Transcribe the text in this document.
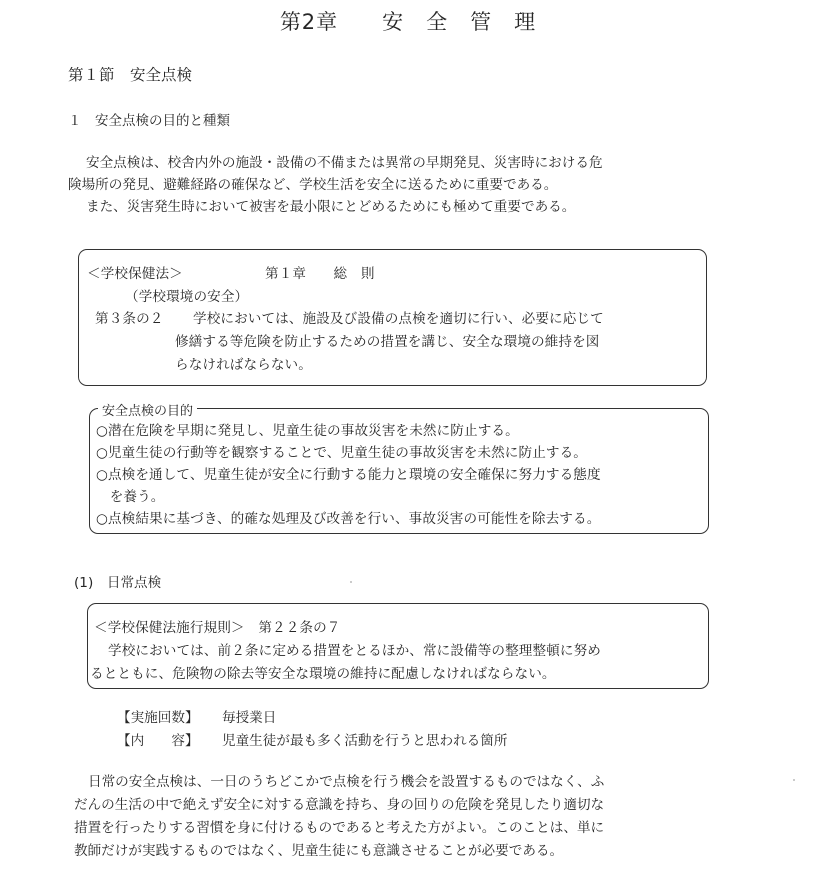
第2章　　安　全　管　理
第１節　安全点検
１　安全点検の目的と種類
安全点検は、校舎内外の施設・設備の不備または異常の早期発見、災害時における危
険場所の発見、避難経路の確保など、学校生活を安全に送るために重要である。
また、災害発生時において被害を最小限にとどめるためにも極めて重要である。
＜学校保健法＞	第１章　　総　則
（学校環境の安全）
第３条の２ 学校においては、施設及び設備の点検を適切に行い、必要に応じて
修繕する等危険を防止するための措置を講じ、安全な環境の維持を図
らなければならない。
安全点検の目的
○潜在危険を早期に発見し、児童生徒の事故災害を未然に防止する。
○児童生徒の行動等を観察することで、児童生徒の事故災害を未然に防止する。
○点検を通して、児童生徒が安全に行動する能力と環境の安全確保に努力する態度
　を養う。
○点検結果に基づき、的確な処理及び改善を行い、事故災害の可能性を除去する。
(1)　日常点検
＜学校保健法施行規則＞　第２２条の７
学校においては、前２条に定める措置をとるほか、常に設備等の整理整頓に努め
るとともに、危険物の除去等安全な環境の維持に配慮しなければならない。
【実施回数】 毎授業日
【内　　容】 児童生徒が最も多く活動を行うと思われる箇所
日常の安全点検は、一日のうちどこかで点検を行う機会を設置するものではなく、ふ
だんの生活の中で絶えず安全に対する意識を持ち、身の回りの危険を発見したり適切な
措置を行ったりする習慣を身に付けるものであると考えた方がよい。このことは、単に
教師だけが実践するものではなく、児童生徒にも意識させることが必要である。
